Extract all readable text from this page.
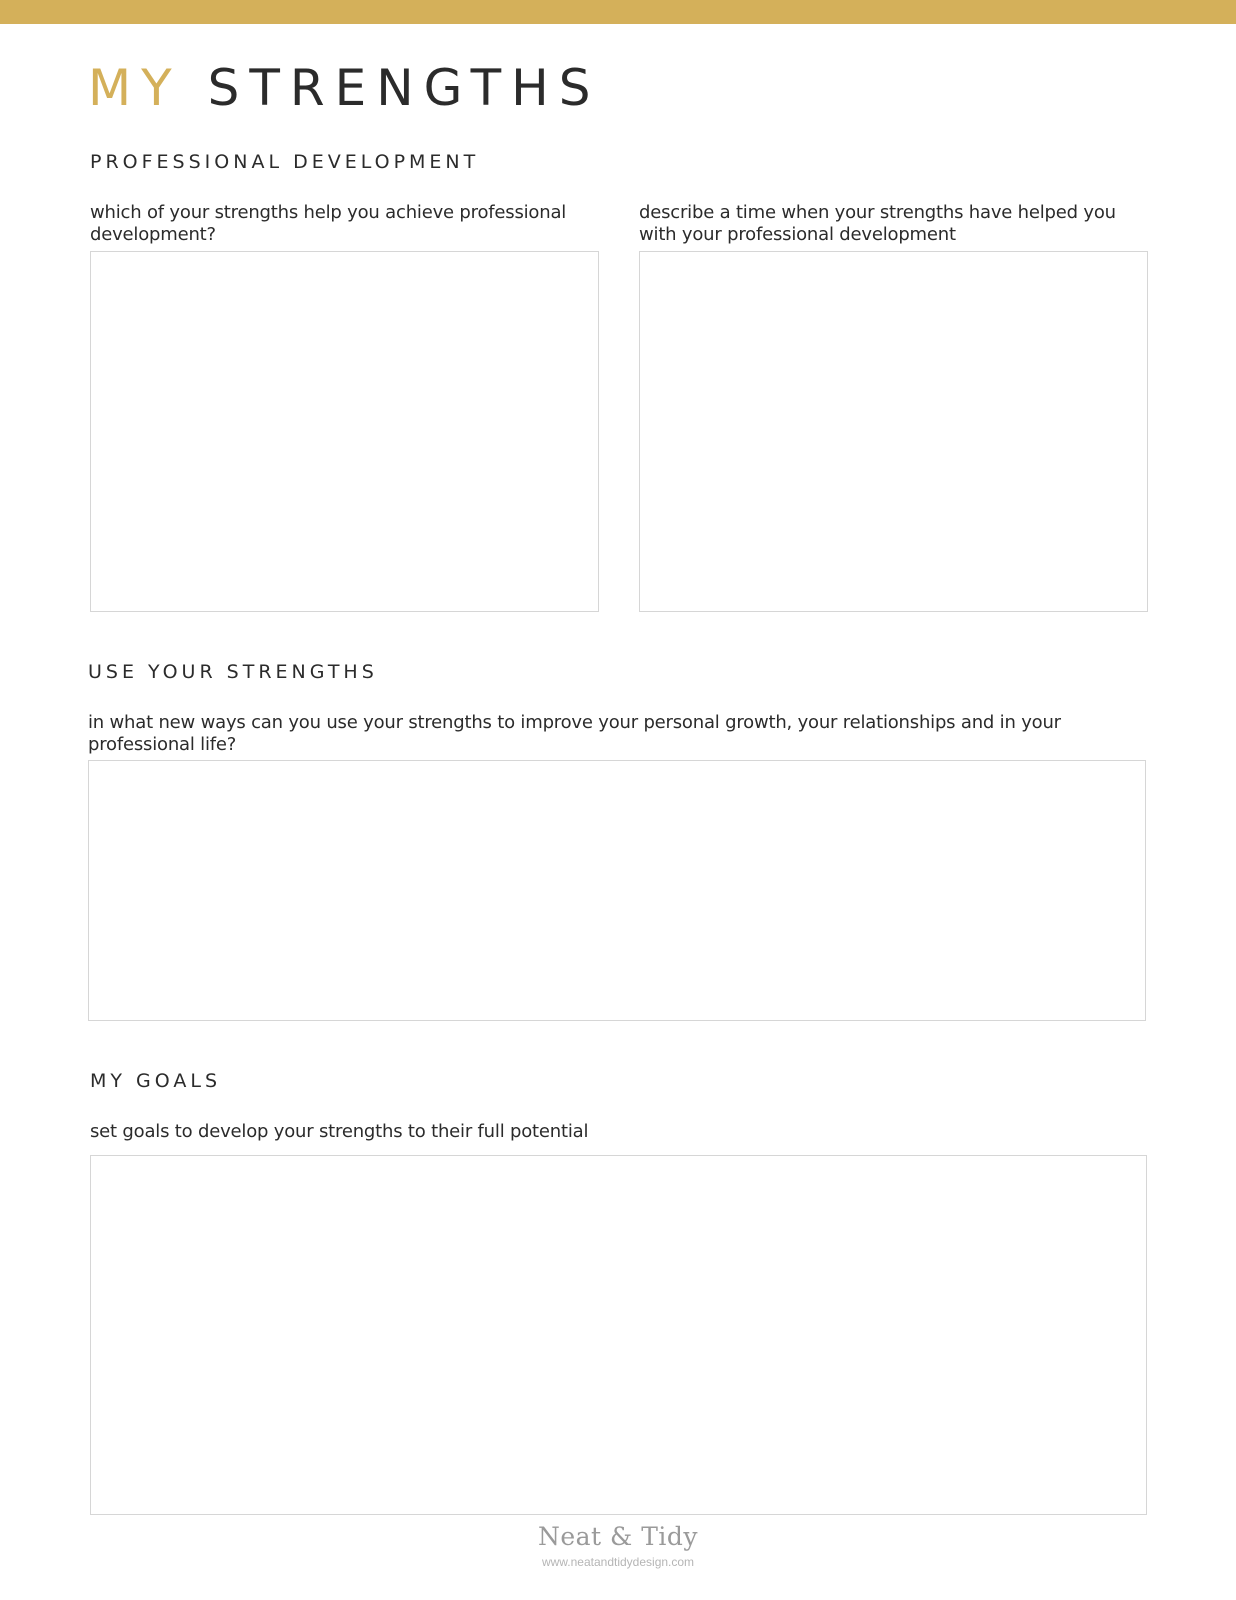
MY STRENGTHS
PROFESSIONAL DEVELOPMENT

which of your strengths help you achieve professional development?

describe a time when your strengths have helped you with your professional development

USE YOUR STRENGTHS

in what new ways can you use your strengths to improve your personal growth, your relationships and in your professional life?

MY GOALS

set goals to develop your strengths to their full potential

Neat & Tidy
www.neatandtidydesign.com
